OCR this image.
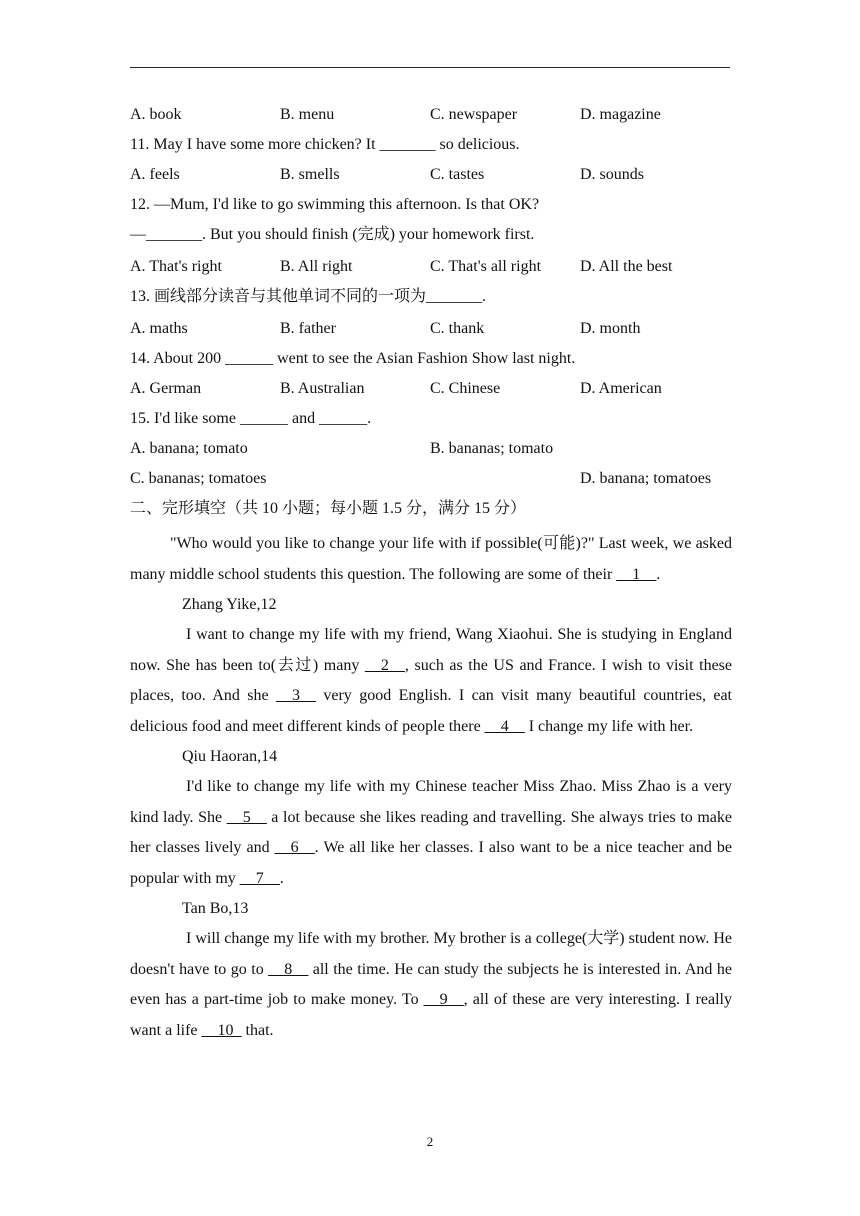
A. book	B. menu	C. newspaper	D. magazine
11. May I have some more chicken? It _______ so delicious.
A. feels	B. smells	C. tastes	D. sounds
12. —Mum, I'd like to go swimming this afternoon. Is that OK?
—_______. But you should finish (完成) your homework first.
A. That's right	B. All right	C. That's all right	D. All the best
13. 画线部分读音与其他单词不同的一项为_______.
A. maths	B. father	C. thank	D. month
14. About 200 ______ went to see the Asian Fashion Show last night.
A. German	B. Australian	C. Chinese	D. American
15. I'd like some ______ and ______.
A. banana; tomato	B. bananas; tomato
C. bananas; tomatoes	D. banana; tomatoes
二、完形填空（共 10 小题；每小题 1.5 分，满分 15 分）

"Who would you like to change your life with if possible(可能)?" Last week, we asked many middle school students this question. The following are some of their __1__.

Zhang Yike,12

I want to change my life with my friend, Wang Xiaohui. She is studying in England now. She has been to(去过) many __2__, such as the US and France. I wish to visit these places, too. And she __3__ very good English. I can visit many beautiful countries, eat delicious food and meet different kinds of people there __4__ I change my life with her.

Qiu Haoran,14

I'd like to change my life with my Chinese teacher Miss Zhao. Miss Zhao is a very kind lady. She __5__ a lot because she likes reading and travelling. She always tries to make her classes lively and __6__. We all like her classes. I also want to be a nice teacher and be popular with my __7__.

Tan Bo,13

I will change my life with my brother. My brother is a college(大学) student now. He doesn't have to go to __8__ all the time. He can study the subjects he is interested in. And he even has a part-time job to make money. To __9__, all of these are very interesting. I really want a life __10_ that.

2
